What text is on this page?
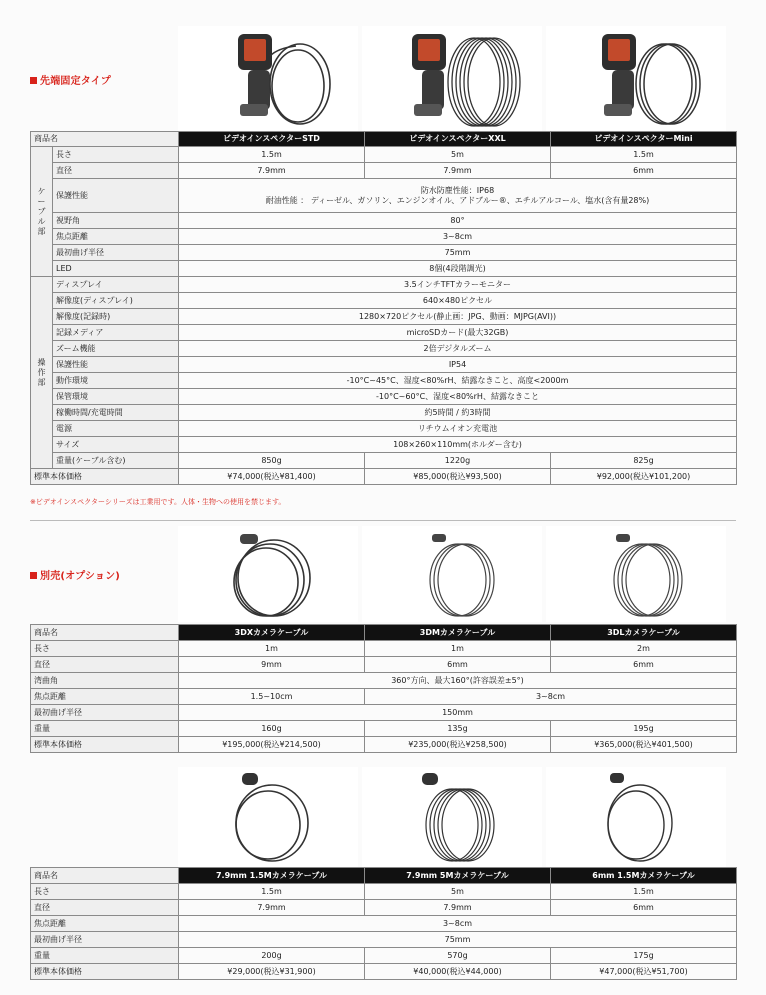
先端固定タイプ
商品名		ビデオインスペクターSTD	ビデオインスペクターXXL	ビデオインスペクターMini
ケーブル部	長さ	1.5m	5m	1.5m
	直径	7.9mm	7.9mm	6mm
	保護性能	防水防塵性能：IP68
耐油性能 ： ディーゼル、ガソリン、エンジンオイル、アドブルー®、エチルアルコール、塩水(含有量28%)		

	視野角	80°		
	焦点距離	3~8cm		
	最初曲げ半径	75mm		
	LED	8個(4段階調光)		
操作部	ディスプレイ	3.5インチTFTカラーモニター		
	解像度(ディスプレイ)	640×480ピクセル		
	解像度(記録時)	1280×720ピクセル(静止画：JPG、動画：MJPG(AVI))		
	記録メディア	microSDカード(最大32GB)		
	ズーム機能	2倍デジタルズーム		
	保護性能	IP54		
	動作環境	-10°C~45°C、湿度<80%rH、結露なきこと、高度<2000m		
	保管環境	-10°C~60°C、湿度<80%rH、結露なきこと		
	稼働時間/充電時間	約5時間 / 約3時間		
	電源	リチウムイオン充電池		
	サイズ	108×260×110mm(ホルダー含む)		
	重量(ケーブル含む)	850g	1220g	825g
標準本体価格		¥74,000(税込¥81,400)	¥85,000(税込¥93,500)	¥92,000(税込¥101,200)
※ビデオインスペクターシリーズは工業用です。人体・生物への使用を禁じます。
別売(オプション)
商品名	3DXカメラケーブル	3DMカメラケーブル	3DLカメラケーブル
長さ	1m	1m	2m
直径	9mm	6mm	6mm
湾曲角	360°方向、最大160°(許容誤差±5°)		
焦点距離	1.5~10cm	3~8cm	
最初曲げ半径	150mm		
重量	160g	135g	195g
標準本体価格	¥195,000(税込¥214,500)	¥235,000(税込¥258,500)	¥365,000(税込¥401,500)
商品名	7.9mm 1.5Mカメラケーブル	7.9mm 5Mカメラケーブル	6mm 1.5Mカメラケーブル
長さ	1.5m	5m	1.5m
直径	7.9mm	7.9mm	6mm
焦点距離	3~8cm		
最初曲げ半径	75mm		
重量	200g	570g	175g
標準本体価格	¥29,000(税込¥31,900)	¥40,000(税込¥44,000)	¥47,000(税込¥51,700)
